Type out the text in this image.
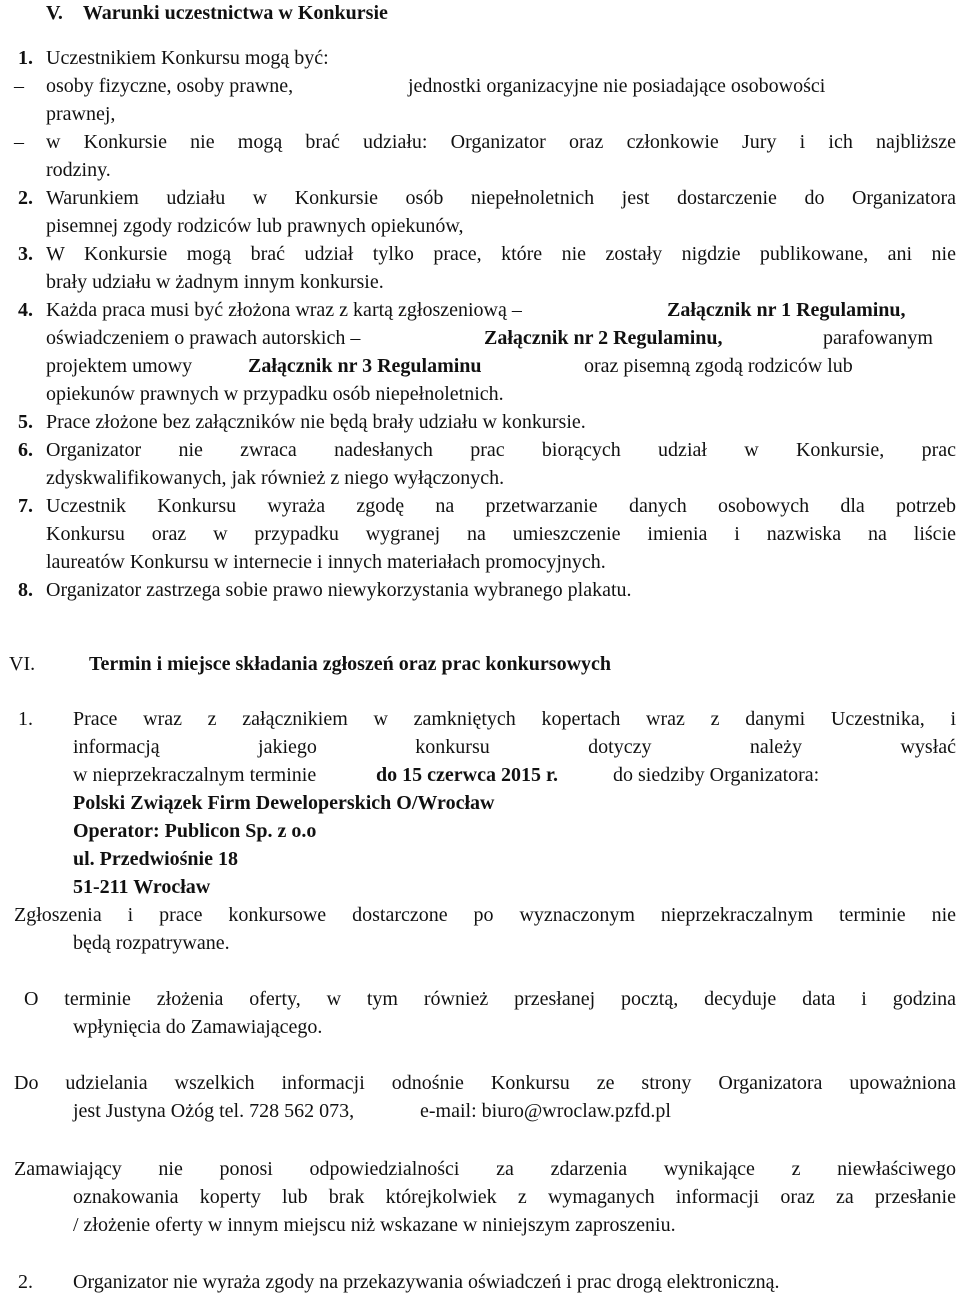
V. Warunki uczestnictwa w Konkursie
1. Uczestnikiem Konkursu mogą być:
– osoby fizyczne, osoby prawne,	jednostki organizacyjne nie posiadające osobowości
prawnej,
– w Konkursie nie mogą brać udziału: Organizator oraz członkowie Jury i ich najbliższe
rodziny.
2. Warunkiem udziału w Konkursie osób niepełnoletnich jest dostarczenie do Organizatora
pisemnej zgody rodziców lub prawnych opiekunów,
3. W Konkursie mogą brać udział tylko prace, które nie zostały nigdzie publikowane, ani nie
brały udziału w żadnym innym konkursie.
4. Każda praca musi być złożona wraz z kartą zgłoszeniową –	Załącznik nr 1 Regulaminu,
oświadczeniem o prawach autorskich –	Załącznik nr 2 Regulaminu,	parafowanym
projektem umowy	Załącznik nr 3 Regulaminu	oraz pisemną zgodą rodziców lub
opiekunów prawnych w przypadku osób niepełnoletnich.
5. Prace złożone bez załączników nie będą brały udziału w konkursie.
6. Organizator nie zwraca nadesłanych prac biorących udział w Konkursie, prac
zdyskwalifikowanych, jak również z niego wyłączonych.
7. Uczestnik Konkursu wyraża zgodę na przetwarzanie danych osobowych dla potrzeb
Konkursu oraz w przypadku wygranej na umieszczenie imienia i nazwiska na liście
laureatów Konkursu w internecie i innych materiałach promocyjnych.
8. Organizator zastrzega sobie prawo niewykorzystania wybranego plakatu.
VI.	Termin i miejsce składania zgłoszeń oraz prac konkursowych
1. Prace wraz z załącznikiem w zamkniętych kopertach wraz z danymi Uczestnika, i
informacją jakiego konkursu dotyczy należy wysłać
w nieprzekraczalnym terminie	do 15 czerwca 2015 r.	do siedziby Organizatora:
Polski Związek Firm Deweloperskich O/Wrocław
Operator: Publicon Sp. z o.o
ul. Przedwiośnie 18
51-211 Wrocław
Zgłoszenia i prace konkursowe dostarczone po wyznaczonym nieprzekraczalnym terminie nie
będą rozpatrywane.
O terminie złożenia oferty, w tym również przesłanej pocztą, decyduje data i godzina
wpłynięcia do Zamawiającego.
Do udzielania wszelkich informacji odnośnie Konkursu ze strony Organizatora upoważniona
jest Justyna Ożóg tel. 728 562 073,	e-mail: biuro@wroclaw.pzfd.pl
Zamawiający nie ponosi odpowiedzialności za zdarzenia wynikające z niewłaściwego
oznakowania koperty lub brak którejkolwiek z wymaganych informacji oraz za przesłanie
/ złożenie oferty w innym miejscu niż wskazane w niniejszym zaproszeniu.
2. Organizator nie wyraża zgody na przekazywania oświadczeń i prac drogą elektroniczną.
